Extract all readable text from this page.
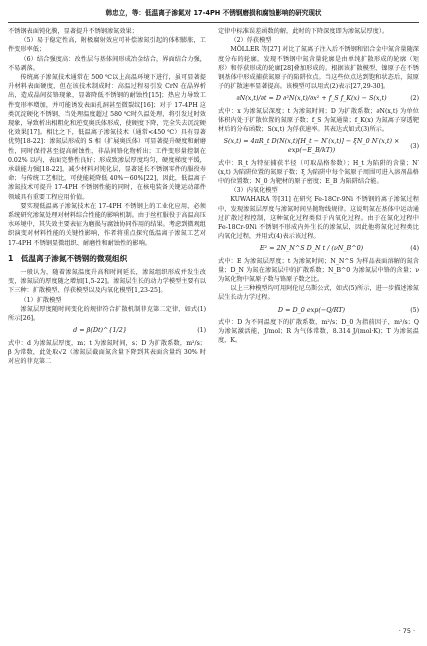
韩忠立，等：低温离子渗氮对 17-4PH 不锈钢磨损和腐蚀影响的研究现状

不锈钢表面钝化膜，显著提升不锈钢渗氮效果；

（5）易于稳定性高，附极腐射效应可补偿渗氮引起的体积膨胀，工件变形率低；

（6）结合强度高：改性层与基体间形成冶金结合，界面结合力强，不易剥落。

传统离子渗氮技术通常在 500 ℃以上高温环境下进行，虽可显著提升材料表面硬度，但在该技术制成时：高温过程易引发 CrN 在晶界析出，造成晶间贫铬现象，显著降低不锈钢的耐蚀性[15]；热应力导致工件变形率增加，并可能诱发表面孔洞甚至微裂纹[16]；对于 17-4PH 这类沉淀硬化不锈钢，当处理温度超过 580 ℃时久温处理，将引发过时效现象，导致析出相粗化和逆变奥氏体形成，使硬度下降，完全失去沉淀硬化效果[17]。相比之下，低温离子渗氮技术（通常<450 ℃）具有显著优势[18-22]：渗氮层形成的 S 相（扩展奥氏体）可显著提升硬度和耐磨性，同时保持甚至提高耐蚀性，非晶间铬化物析出；工件变形量控制在 0.02% 以内，表面完整性良好；形成致渗层厚度均匀，硬度梯度平缓，承载能力强[18-22]，减少材料对钝化层，显著延长不锈钢零件的服役寿命；与传统工艺相比，可使能耗降低 40%～60%[22]，因此，低温离子渗氮技术可提升 17-4PH 不锈钢性能的同时，在核电装备关键运动部件领域具有重要工程应用价值。

要实现低温离子渗氮技术在 17-4PH 不锈钢上的工业化应用，必须系统研究渗氮处理对材料综合性能的影响机制。由于丝杠服役于高温高压水环境中，其失效主要表征为磨损与腐蚀协同作用的结果。考虑到微观组织演变对材料性能的关键性影响，作者将重点探究低温离子渗氮工艺对 17-4PH 不锈钢显微组织、耐磨性和耐蚀性的影响。

1　低温离子渗氮不锈钢的微观组织

一般认为，随着渗氮温度升高和时间延长，渗氮组织形成并发生改变，渗氮层的厚度随之增加[1,5-22]。渗氮层生长的动力学模型主要有以下三种：扩散模型、俘获模型以及内氧化模型[1,23-25]。

（1）扩散模型

渗氮层厚度随时间变化的规律符合扩散机制菲克第二定律，如式(1)所示[26]。

d = β(Dt)^{1/2}	(1)

式中：d 为渗氮层厚度，m；t 为渗氮时间，s；D 为扩散系数，m²/s；β 为常数，此处取√2（渗氮层截面氮含量下降到其表面含量约 30% 时对应的菲克第二

定律中标准误差函数的解，此时的下降深度即为渗氮层厚度）。

（2）俘获模型

MÖLLER 等[27] 对比了氮离子注入后不锈钢和铝合金中氮含量随深度分布的轮廓，发现不锈钢中氮含量轮廓是由单纯扩散形成的轮廓（矩形）和俘获形成的轮廓[28]叠加形成的。根据该扩散模型，镍原子在不锈钢基体中形成捕获氮原子的陷阱位点。当这些位点达到饱和状态后，氮原子的扩散速率显著提高。该模型可以用式(2)表示[27,29-30]。

∂N(x,t)/∂t = D ∂²N(x,t)/∂x² + f_S f_K(x) − S(x,t)	(2)

式中：x 为渗氮层深度；t 为渗氮时间；D 为扩散系数；∂N(x,t) 为单位体积内处于扩散位置的氮原子数；f_S 为氮通量；f_K(x) 为氮离子穿透靶材后的分布函数；S(x,t) 为俘获速率。其表达式如式(3)所示。

S(x,t) = 4πR_t D(N(x,t)[H_t − N′(x,t)] − ξN_0 N′(x,t) × exp(−E_B/kT))
(3)

式中：R_t 为特征捕获半径（可取晶格参数）；H_t 为陷阱的含量；N′(x,t) 为陷阱位置的氮原子数；ξ 为陷阱中每个氮原子周围可进入溶剂晶格中的位置数；N_0 为靶材的原子密度；E_B 为陷阱结合能。

（3）内氧化模型

KUWAHARA 等[31] 在研究 Fe-18Cr-9Ni 不锈钢的离子渗氮过程中，发现渗氮层厚度与渗氮时间呈抛物线规律。这说明氮在基体中运动通过扩散过程控制，这种氮化过程类似于内氧化过程。由于在氮化过程中 Fe-18Cr-9Ni 不锈钢不形成内外生长的渗氮层，因此他将氮化过程类比内氧化过程，并用式(4)表示该过程。

E² = 2N_N^S D_N t / (νN_B^0)	(4)

式中：E 为渗氮层厚度；t 为渗氮时间；N_N^S 为样品表面溶解的氮含量；D_N 为氮在渗氮层中的扩散系数；N_B^0 为渗氮层中铬的含量；ν 为氮化物中氮原子数与铬原子数之比。

以上三种模型均可用阿伦尼乌斯公式，如式(5)所示，进一步描述渗氮层生长动力学过程。

D = D_0 exp(−Q/RT)	(5)

式中：D 为不同温度下的扩散系数，m²/s；D_0 为指前因子，m²/s；Q 为渗氮激活能，J/mol；R 为气体常数，8.314 J/(mol·K)；T 为渗氮温度，K。

· 75 ·
